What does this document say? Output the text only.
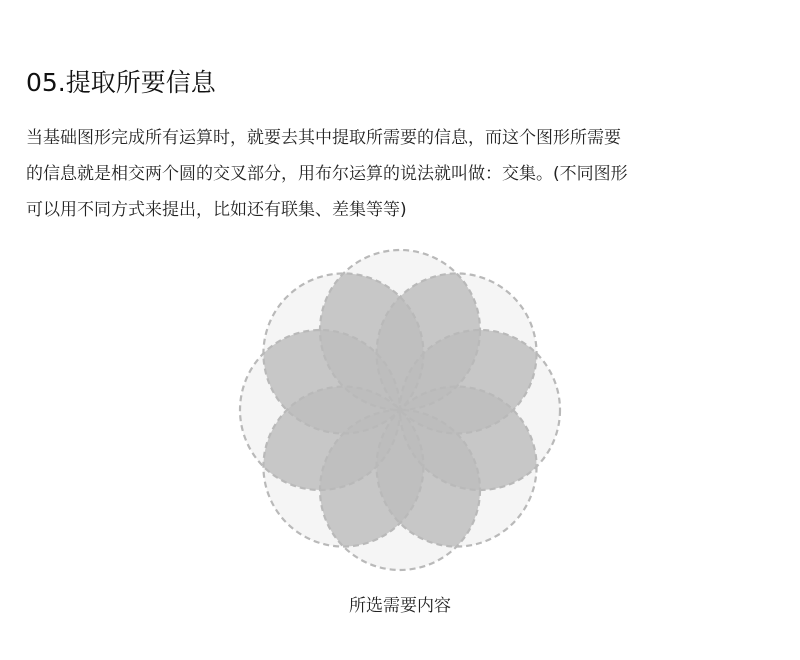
05.提取所要信息
当基础图形完成所有运算时，就要去其中提取所需要的信息，而这个图形所需要
的信息就是相交两个圆的交叉部分，用布尔运算的说法就叫做：交集。(不同图形
可以用不同方式来提出，比如还有联集、差集等等)
所选需要内容
